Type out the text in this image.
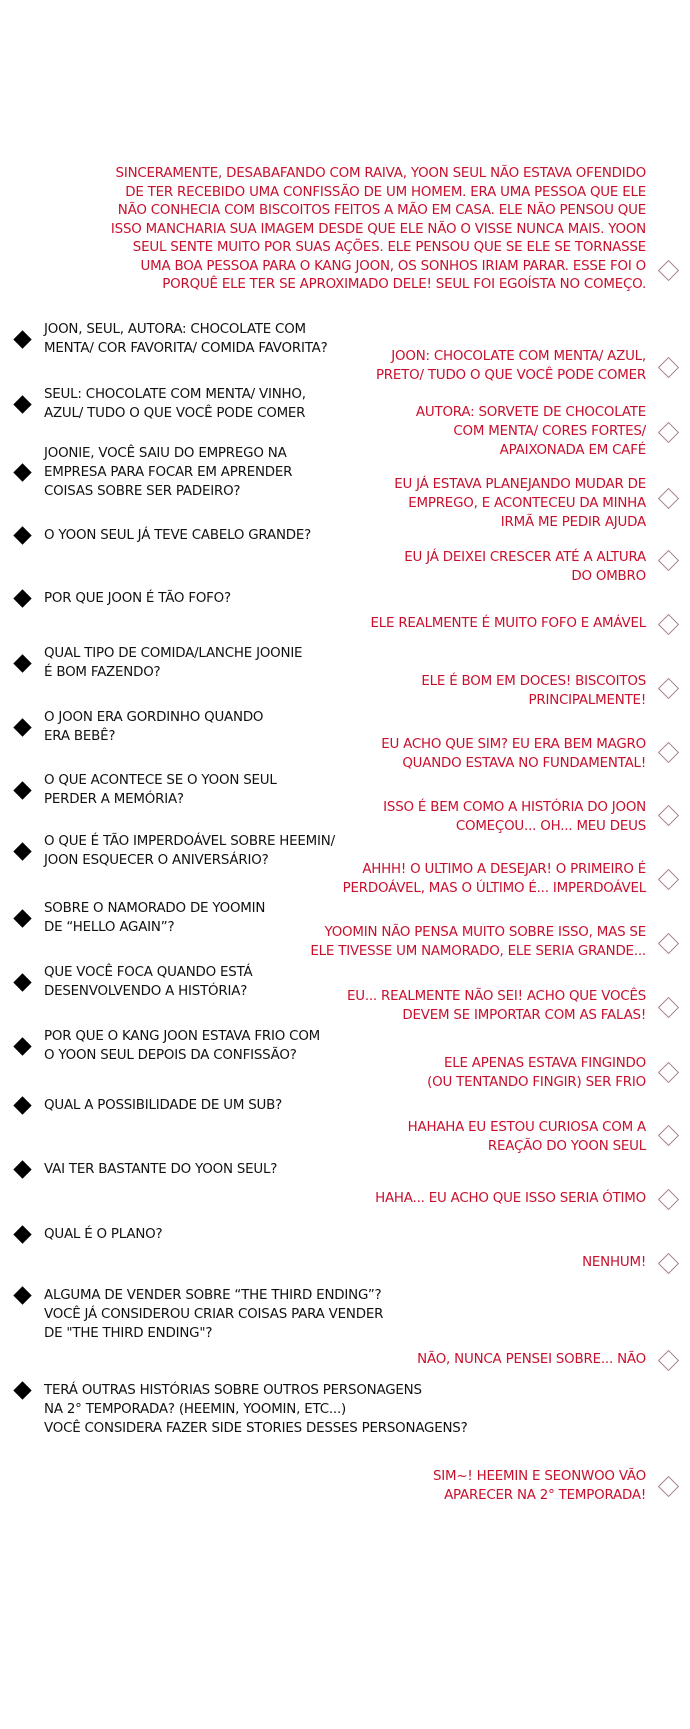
SINCERAMENTE, DESABAFANDO COM RAIVA, YOON SEUL NÃO ESTAVA OFENDIDO
DE TER RECEBIDO UMA CONFISSÃO DE UM HOMEM. ERA UMA PESSOA QUE ELE
NÃO CONHECIA COM BISCOITOS FEITOS A MÃO EM CASA. ELE NÃO PENSOU QUE
ISSO MANCHARIA SUA IMAGEM DESDE QUE ELE NÃO O VISSE NUNCA MAIS. YOON
SEUL SENTE MUITO POR SUAS AÇÕES. ELE PENSOU QUE SE ELE SE TORNASSE
UMA BOA PESSOA PARA O KANG JOON, OS SONHOS IRIAM PARAR. ESSE FOI O
PORQUÊ ELE TER SE APROXIMADO DELE! SEUL FOI EGOÍSTA NO COMEÇO.
JOON, SEUL, AUTORA: CHOCOLATE COM
MENTA/ COR FAVORITA/ COMIDA FAVORITA?
SEUL: CHOCOLATE COM MENTA/ VINHO,
AZUL/ TUDO O QUE VOCÊ PODE COMER
JOONIE, VOCÊ SAIU DO EMPREGO NA
EMPRESA PARA FOCAR EM APRENDER
COISAS SOBRE SER PADEIRO?
O YOON SEUL JÁ TEVE CABELO GRANDE?
POR QUE JOON É TÃO FOFO?
QUAL TIPO DE COMIDA/LANCHE JOONIE
É BOM FAZENDO?
O JOON ERA GORDINHO QUANDO
ERA BEBÊ?
O QUE ACONTECE SE O YOON SEUL
PERDER A MEMÓRIA?
O QUE É TÃO IMPERDOÁVEL SOBRE HEEMIN/
JOON ESQUECER O ANIVERSÁRIO?
SOBRE O NAMORADO DE YOOMIN
DE “HELLO AGAIN”?
QUE VOCÊ FOCA QUANDO ESTÁ
DESENVOLVENDO A HISTÓRIA?
POR QUE O KANG JOON ESTAVA FRIO COM
O YOON SEUL DEPOIS DA CONFISSÃO?
QUAL A POSSIBILIDADE DE UM SUB?
VAI TER BASTANTE DO YOON SEUL?
QUAL É O PLANO?
ALGUMA DE VENDER SOBRE “THE THIRD ENDING”?
VOCÊ JÁ CONSIDEROU CRIAR COISAS PARA VENDER
DE "THE THIRD ENDING"?
TERÁ OUTRAS HISTÓRIAS SOBRE OUTROS PERSONAGENS
NA 2° TEMPORADA? (HEEMIN, YOOMIN, ETC...)
VOCÊ CONSIDERA FAZER SIDE STORIES DESSES PERSONAGENS?
JOON: CHOCOLATE COM MENTA/ AZUL,
PRETO/ TUDO O QUE VOCÊ PODE COMER
AUTORA: SORVETE DE CHOCOLATE
COM MENTA/ CORES FORTES/
APAIXONADA EM CAFÉ
EU JÁ ESTAVA PLANEJANDO MUDAR DE
EMPREGO, E ACONTECEU DA MINHA
IRMÃ ME PEDIR AJUDA
EU JÁ DEIXEI CRESCER ATÉ A ALTURA
DO OMBRO
ELE REALMENTE É MUITO FOFO E AMÁVEL
ELE É BOM EM DOCES! BISCOITOS
PRINCIPALMENTE!
EU ACHO QUE SIM? EU ERA BEM MAGRO
QUANDO ESTAVA NO FUNDAMENTAL!
ISSO É BEM COMO A HISTÓRIA DO JOON
COMEÇOU... OH... MEU DEUS
AHHH! O ULTIMO A DESEJAR! O PRIMEIRO É
PERDOÁVEL, MAS O ÚLTIMO É... IMPERDOÁVEL
YOOMIN NÃO PENSA MUITO SOBRE ISSO, MAS SE
ELE TIVESSE UM NAMORADO, ELE SERIA GRANDE...
EU... REALMENTE NÃO SEI! ACHO QUE VOCÊS
DEVEM SE IMPORTAR COM AS FALAS!
ELE APENAS ESTAVA FINGINDO
(OU TENTANDO FINGIR) SER FRIO
HAHAHA EU ESTOU CURIOSA COM A
REAÇÃO DO YOON SEUL
HAHA... EU ACHO QUE ISSO SERIA ÓTIMO
NENHUM!
NÃO, NUNCA PENSEI SOBRE... NÃO
SIM~! HEEMIN E SEONWOO VÃO
APARECER NA 2° TEMPORADA!
